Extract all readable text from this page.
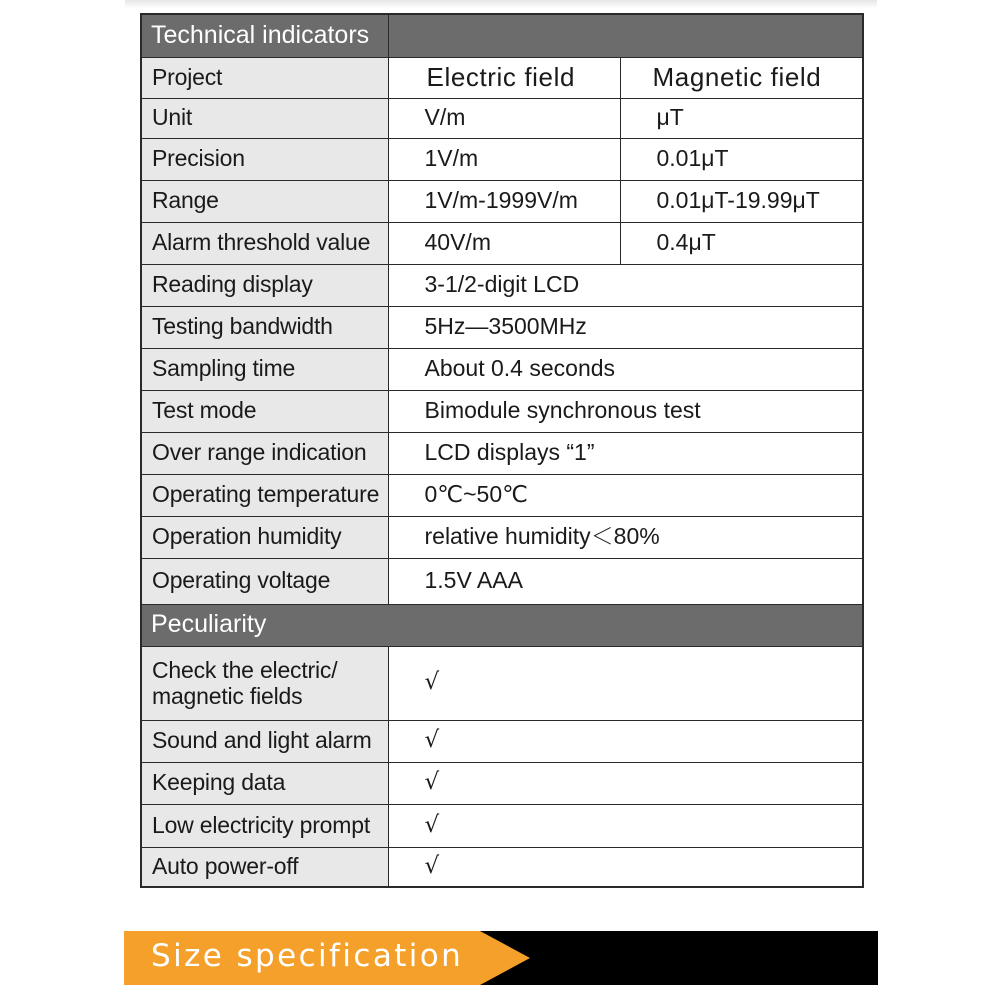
Technical indicators		
Project	Electric field	Magnetic field
Unit	V/m	μT
Precision	1V/m	0.01μT
Range	1V/m-1999V/m	0.01μT-19.99μT
Alarm threshold value	40V/m	0.4μT
Reading display	3-1/2-digit LCD	
Testing bandwidth	5Hz—3500MHz	
Sampling time	About 0.4 seconds	
Test mode	Bimodule synchronous test	
Over range indication	LCD displays “1”	
Operating temperature	0℃~50℃	
Operation humidity	relative humidity＜80%	
Operating voltage	1.5V AAA	
Peculiarity		
Check the electric/ magnetic fields	√	
Sound and light alarm	√	
Keeping data	√	
Low electricity prompt	√	
Auto power-off	√	
Size specification
